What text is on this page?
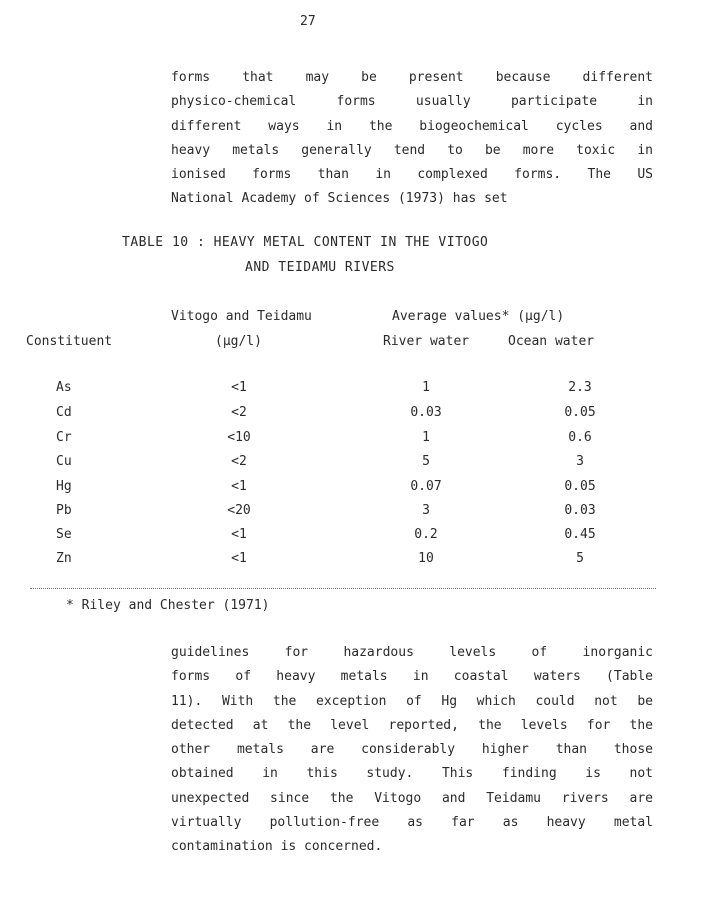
27
forms that may be present because different
physico-chemical forms usually participate in
different ways in the biogeochemical cycles and
heavy metals generally tend to be more toxic in
ionised forms than in complexed forms. The US
National Academy of Sciences (1973) has set
TABLE 10 : HEAVY METAL CONTENT IN THE VITOGO
AND TEIDAMU RIVERS
Vitogo and Teidamu	Average values* (µg/l)
Constituent	(µg/l)	River water	Ocean water
As	<1	1	2.3
Cd	<2	0.03	0.05
Cr	<10	1	0.6
Cu	<2	5	3
Hg	<1	0.07	0.05
Pb	<20	3	0.03
Se	<1	0.2	0.45
Zn	<1	10	5
* Riley and Chester (1971)
guidelines for hazardous levels of inorganic
forms of heavy metals in coastal waters (Table
11). With the exception of Hg which could not be
detected at the level reported, the levels for the
other metals are considerably higher than those
obtained in this study. This finding is not
unexpected since the Vitogo and Teidamu rivers are
virtually pollution-free as far as heavy metal
contamination is concerned.
